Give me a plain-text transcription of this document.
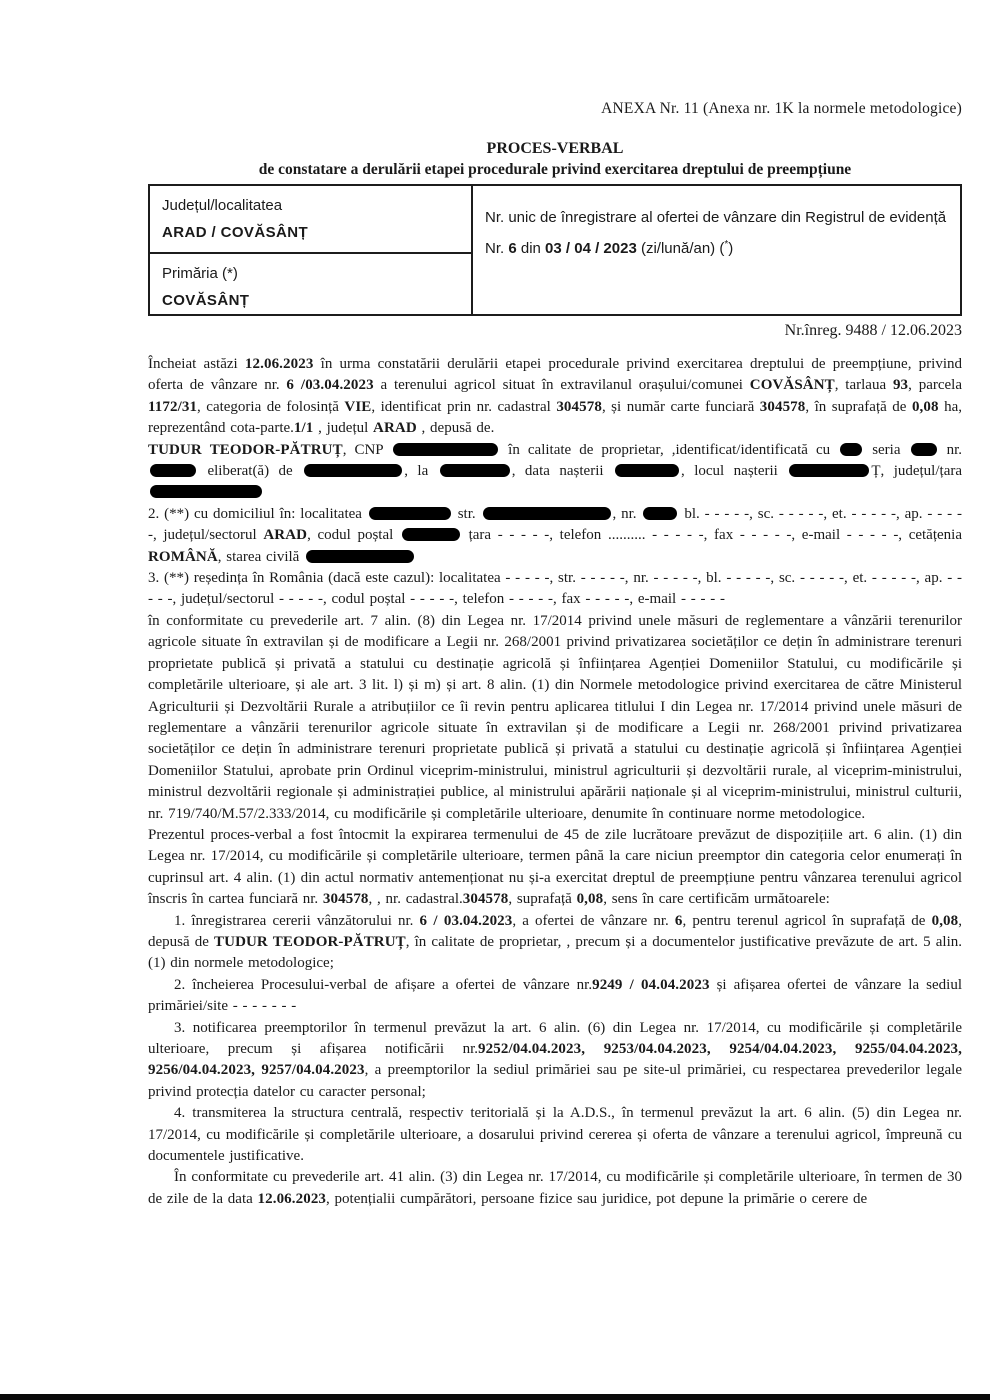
ANEXA Nr. 11 (Anexa nr. 1K la normele metodologice)
PROCES-VERBAL
de constatare a derulării etapei procedurale privind exercitarea dreptului de preempțiune
Județul/localitatea
ARAD / COVĂSÂNȚ
Nr. unic de înregistrare al ofertei de vânzare din Registrul de evidență
Nr. 6 din 03 / 04 / 2023 (zi/lună/an) (*)
Primăria (*)
COVĂSÂNȚ
Nr.înreg. 9488 / 12.06.2023

Încheiat astăzi 12.06.2023 în urma constatării derulării etapei procedurale privind exercitarea dreptului de preempțiune, privind oferta de vânzare nr. 6 /03.04.2023 a terenului agricol situat în extravilanul orașului/comunei COVĂSÂNȚ, tarlaua 93, parcela 1172/31, categoria de folosință VIE, identificat prin nr. cadastral 304578, și număr carte funciară 304578, în suprafață de 0,08 ha, reprezentând cota-parte.1/1 , județul ARAD , depusă de.

TUDUR TEODOR-PĂTRUȚ, CNP	în calitate de proprietar, ,identificat/identificată cu  seria  nr.  eliberat(ă) de	, la	, data nașterii	, locul nașterii	Ț, județul/țara

2. (**) cu domiciliul în: localitatea	str.	, nr.	bl. - - - - -, sc. - - - - -, et. - - - - -, ap. - - - - -, județul/sectorul ARAD, codul poștal	țara - - - - -, telefon .......... - - - - -, fax - - - - -, e-mail - - - - -, cetățenia ROMÂNĂ, starea civilă

3. (**) reședința în România (dacă este cazul): localitatea - - - - -, str. - - - - -, nr. - - - - -, bl. - - - - -, sc. - - - - -, et. - - - - -, ap. - - - - -, județul/sectorul - - - - -, codul poștal - - - - -, telefon - - - - -, fax - - - - -, e-mail - - - - -

în conformitate cu prevederile art. 7 alin. (8) din Legea nr. 17/2014 privind unele măsuri de reglementare a vânzării terenurilor agricole situate în extravilan și de modificare a Legii nr. 268/2001 privind privatizarea societăților ce dețin în administrare terenuri proprietate publică și privată a statului cu destinație agricolă și înființarea Agenției Domeniilor Statului, cu modificările și completările ulterioare, și ale art. 3 lit. l) și m) și art. 8 alin. (1) din Normele metodologice privind exercitarea de către Ministerul Agriculturii și Dezvoltării Rurale a atribuțiilor ce îi revin pentru aplicarea titlului I din Legea nr. 17/2014 privind unele măsuri de reglementare a vânzării terenurilor agricole situate în extravilan și de modificare a Legii nr. 268/2001 privind privatizarea societăților ce dețin în administrare terenuri proprietate publică și privată a statului cu destinație agricolă și înființarea Agenției Domeniilor Statului, aprobate prin Ordinul viceprim-ministrului, ministrul agriculturii și dezvoltării rurale, al viceprim-ministrului, ministrul dezvoltării regionale și administrației publice, al ministrului apărării naționale și al viceprim-ministrului, ministrul culturii, nr. 719/740/M.57/2.333/2014, cu modificările și completările ulterioare, denumite în continuare norme metodologice.

Prezentul proces-verbal a fost întocmit la expirarea termenului de 45 de zile lucrătoare prevăzut de dispozițiile art. 6 alin. (1) din Legea nr. 17/2014, cu modificările și completările ulterioare, termen până la care niciun preemptor din categoria celor enumerați în cuprinsul art. 4 alin. (1) din actul normativ antemenționat nu și-a exercitat dreptul de preempțiune pentru vânzarea terenului agricol înscris în cartea funciară nr. 304578, , nr. cadastral.304578, suprafață 0,08, sens în care certificăm următoarele:

1. înregistrarea cererii vânzătorului nr. 6 / 03.04.2023, a ofertei de vânzare nr. 6, pentru terenul agricol în suprafață de 0,08, depusă de TUDUR TEODOR-PĂTRUȚ, în calitate de proprietar, , precum și a documentelor justificative prevăzute de art. 5 alin. (1) din normele metodologice;

2. încheierea Procesului-verbal de afișare a ofertei de vânzare nr.9249 / 04.04.2023 și afișarea ofertei de vânzare la sediul primăriei/site - - - - - - -

3. notificarea preemptorilor în termenul prevăzut la art. 6 alin. (6) din Legea nr. 17/2014, cu modificările și completările ulterioare, precum și afișarea notificării nr.9252/04.04.2023, 9253/04.04.2023, 9254/04.04.2023, 9255/04.04.2023, 9256/04.04.2023, 9257/04.04.2023, a preemptorilor la sediul primăriei sau pe site-ul primăriei, cu respectarea prevederilor legale privind protecția datelor cu caracter personal;

4. transmiterea la structura centrală, respectiv teritorială și la A.D.S., în termenul prevăzut la art. 6 alin. (5) din Legea nr. 17/2014, cu modificările și completările ulterioare, a dosarului privind cererea și oferta de vânzare a terenului agricol, împreună cu documentele justificative.

În conformitate cu prevederile art. 41 alin. (3) din Legea nr. 17/2014, cu modificările și completările ulterioare, în termen de 30 de zile de la data 12.06.2023, potențialii cumpărători, persoane fizice sau juridice, pot depune la primărie o cerere de
